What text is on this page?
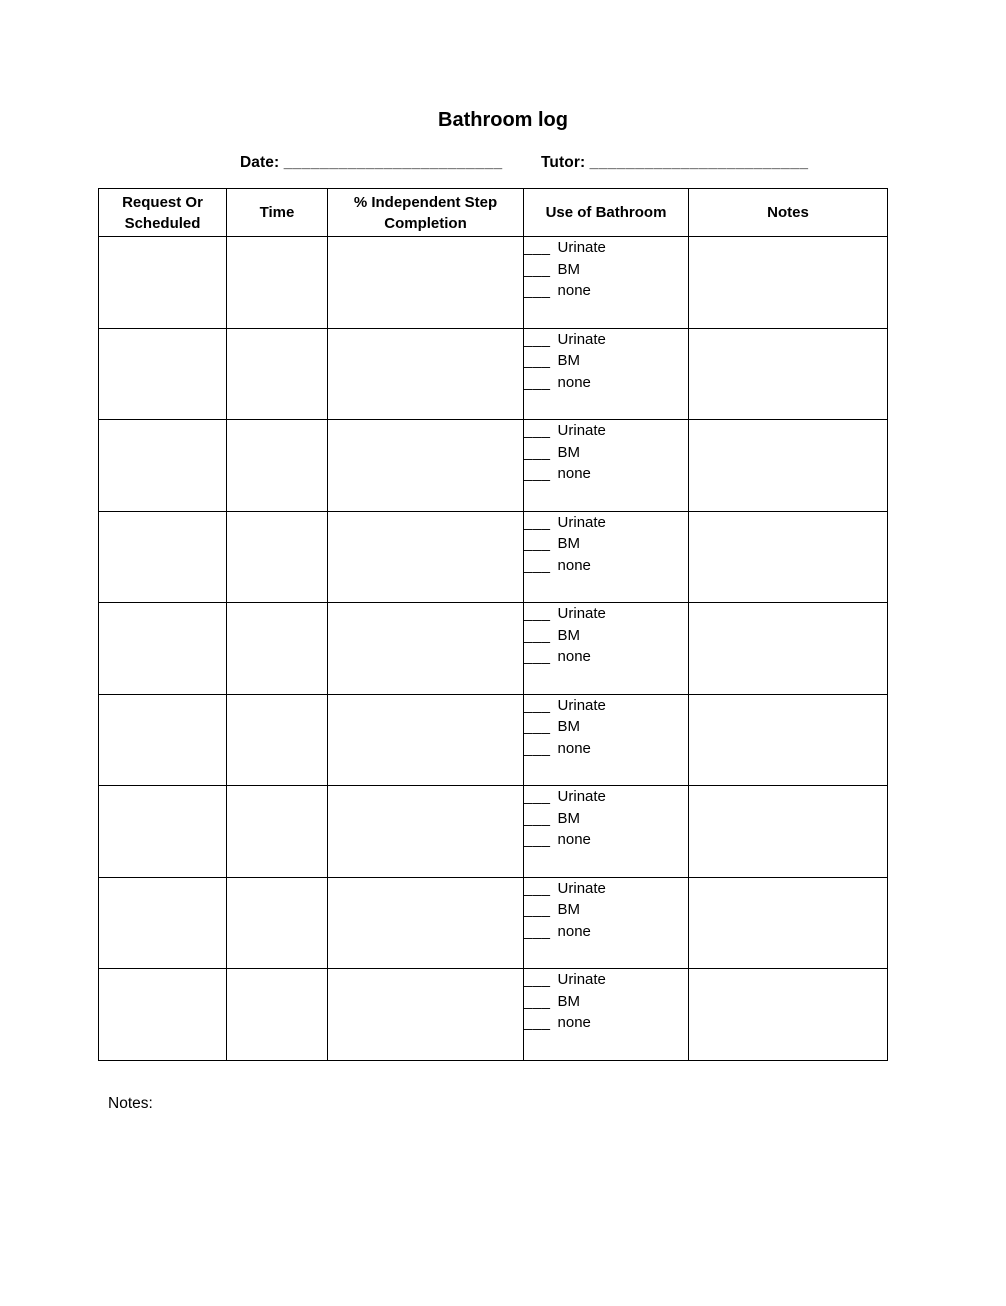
Bathroom log
Date: ________________________ Tutor: ________________________
Request Or Scheduled	Time	% Independent Step Completion	Use of Bathroom	Notes

			___ Urinate
___ BM
___ none	

			___ Urinate
___ BM
___ none	

			___ Urinate
___ BM
___ none	

			___ Urinate
___ BM
___ none	

			___ Urinate
___ BM
___ none	

			___ Urinate
___ BM
___ none	

			___ Urinate
___ BM
___ none	

			___ Urinate
___ BM
___ none	

			___ Urinate
___ BM
___ none	

Notes:
